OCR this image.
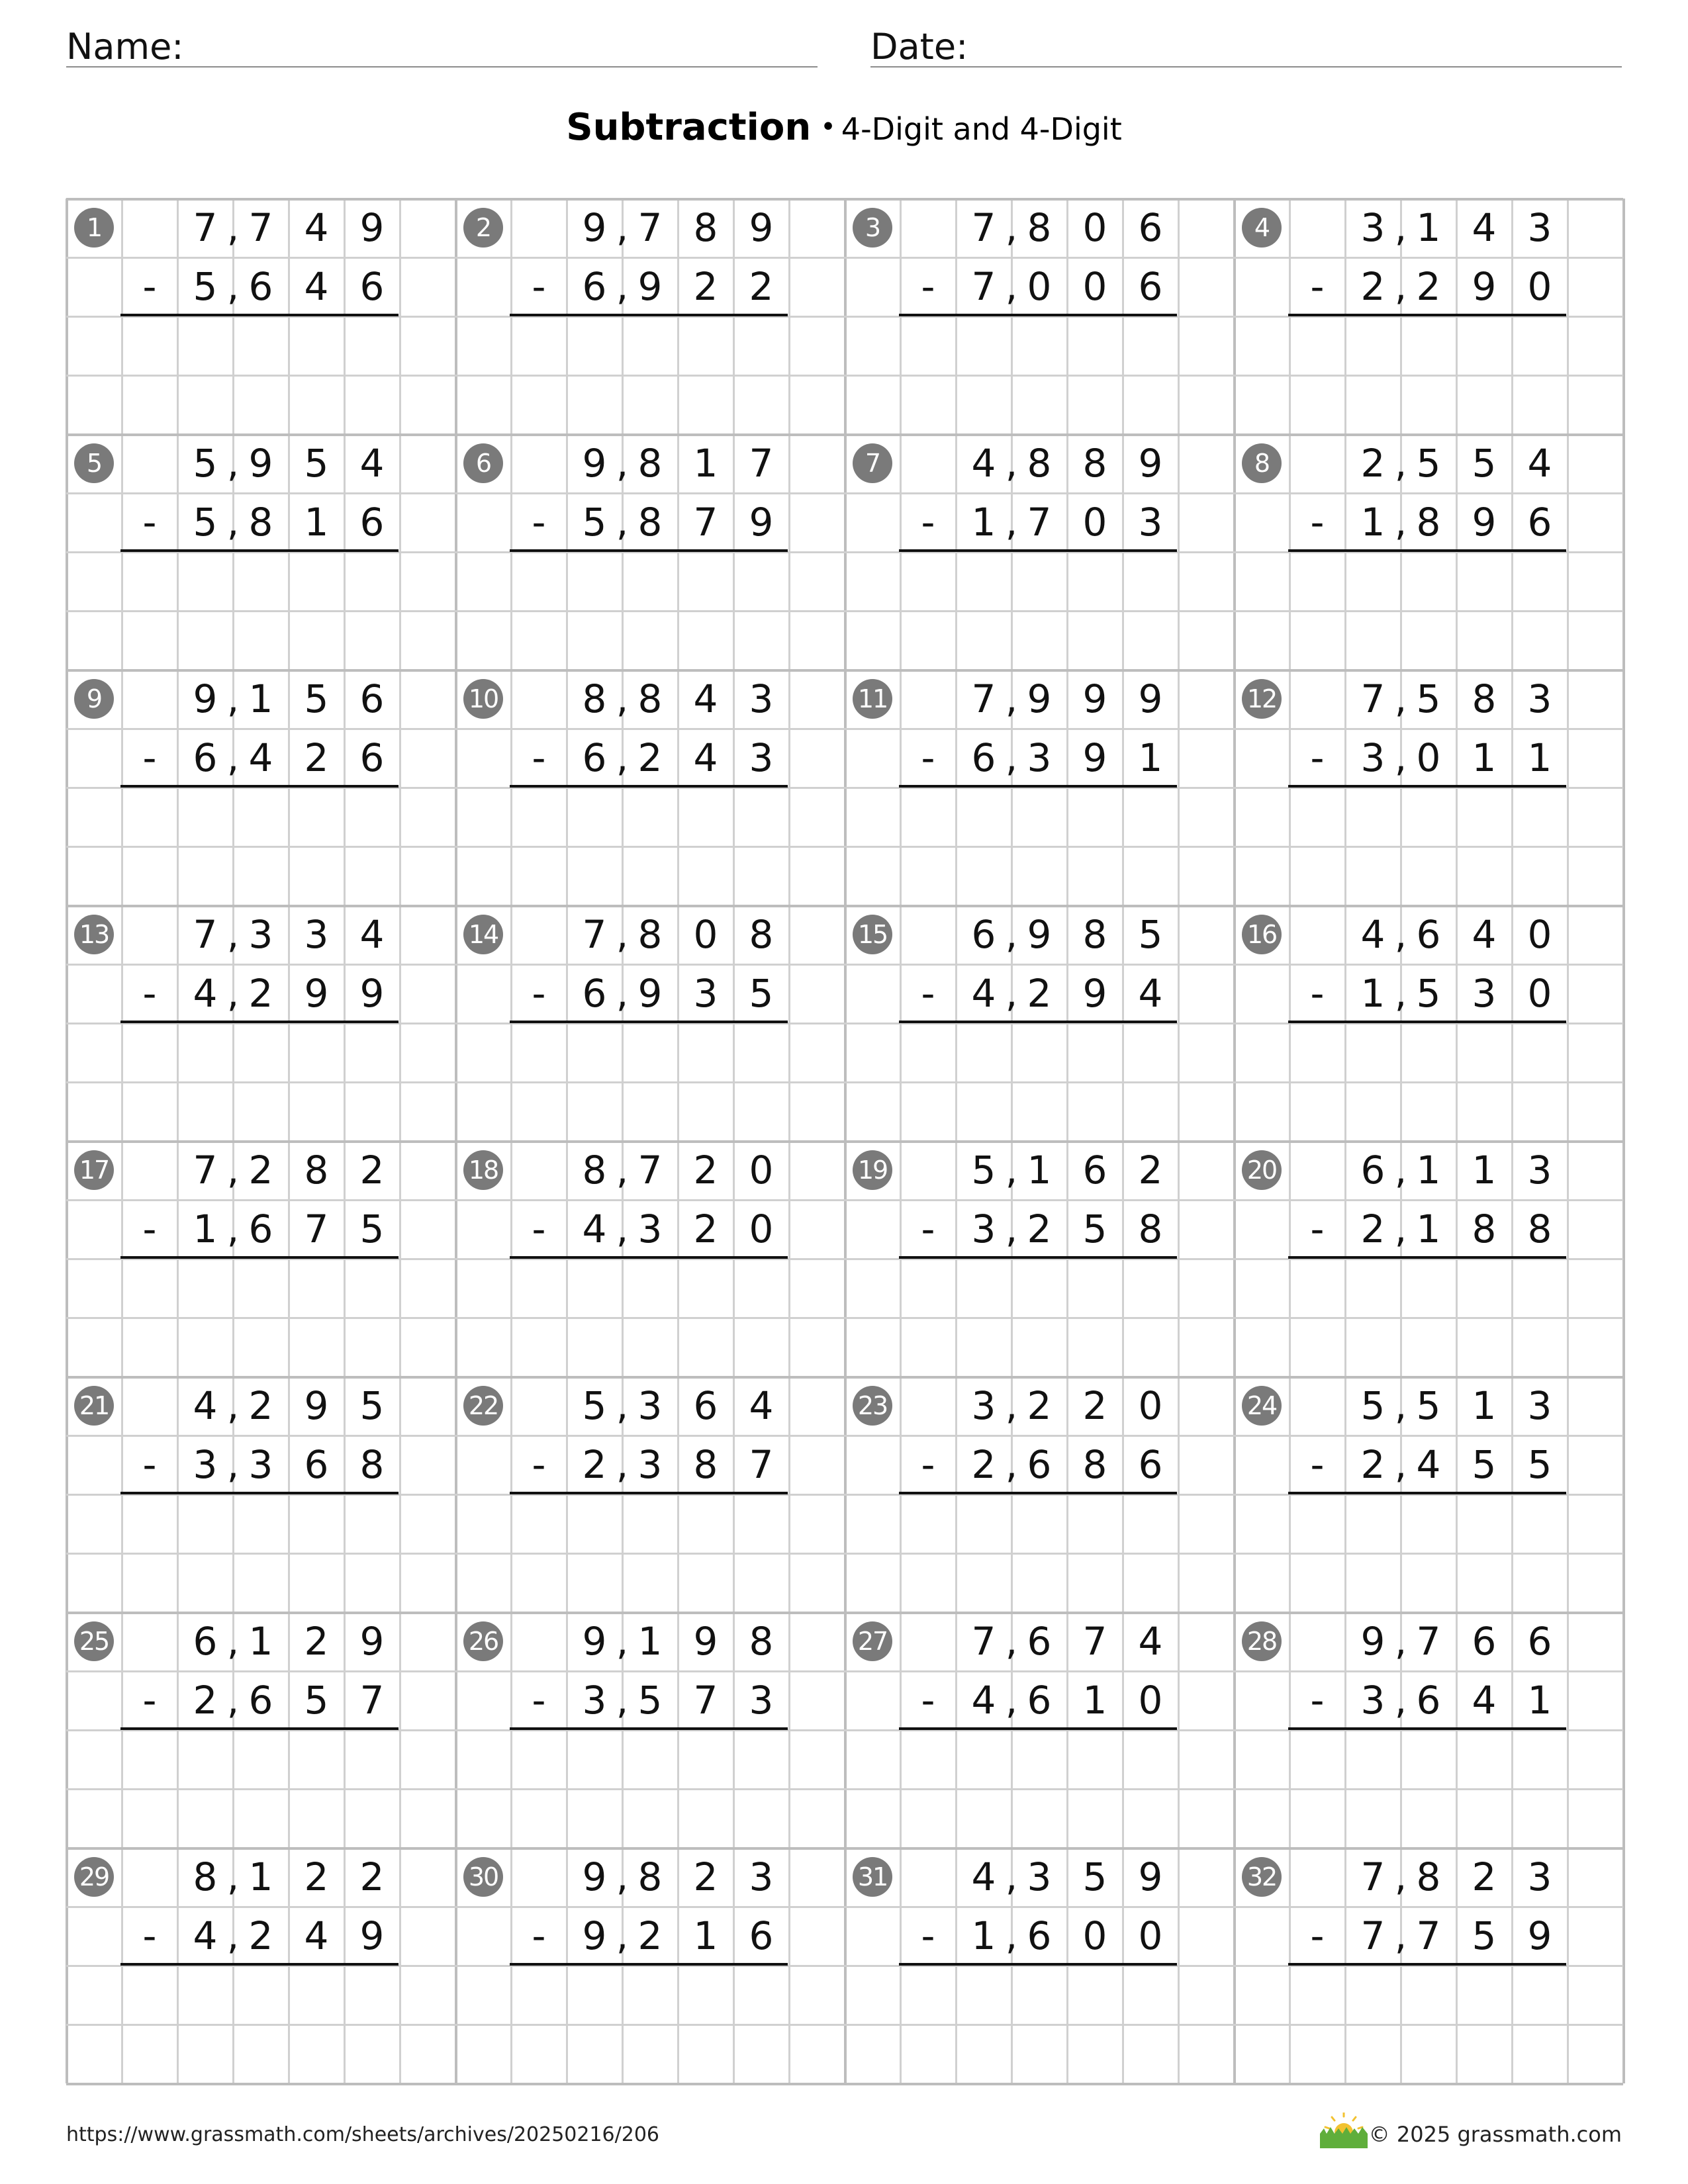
Name:	Date:
Subtraction • 4-Digit and 4-Digit
1	7 7 4 9
,
5 6 4 6
,
-
2	9 7 8 9
,
6 9 2 2
,
-
3	7 8 0 6
,
7 0 0 6
,
-
4	3 1 4 3
,
2 2 9 0
,
-
5	5 9 5 4
,
5 8 1 6
,
-
6	9 8 1 7
,
5 8 7 9
,
-
7	4 8 8 9
,
1 7 0 3
,
-
8	2 5 5 4
,
1 8 9 6
,
-
9	9 1 5 6
,
6 4 2 6
,
-
10	8 8 4 3
,
6 2 4 3
,
-
11	7 9 9 9
,
6 3 9 1
,
-
12	7 5 8 3
,
3 0 1 1
,
-
13	7 3 3 4
,
4 2 9 9
,
-
14	7 8 0 8
,
6 9 3 5
,
-
15	6 9 8 5
,
4 2 9 4
,
-
16	4 6 4 0
,
1 5 3 0
,
-
17	7 2 8 2
,
1 6 7 5
,
-
18	8 7 2 0
,
4 3 2 0
,
-
19	5 1 6 2
,
3 2 5 8
,
-
20	6 1 1 3
,
2 1 8 8
,
-
21	4 2 9 5
,
3 3 6 8
,
-
22	5 3 6 4
,
2 3 8 7
,
-
23	3 2 2 0
,
2 6 8 6
,
-
24	5 5 1 3
,
2 4 5 5
,
-
25	6 1 2 9
,
2 6 5 7
,
-
26	9 1 9 8
,
3 5 7 3
,
-
27	7 6 7 4
,
4 6 1 0
,
-
28	9 7 6 6
,
3 6 4 1
,
-
29	8 1 2 2
,
4 2 4 9
,
-
30	9 8 2 3
,
9 2 1 6
,
-
31	4 3 5 9
,
1 6 0 0
,
-
32	7 8 2 3
,
7 7 5 9
,
-
https://www.grassmath.com/sheets/archives/20250216/206	© 2025 grassmath.com
